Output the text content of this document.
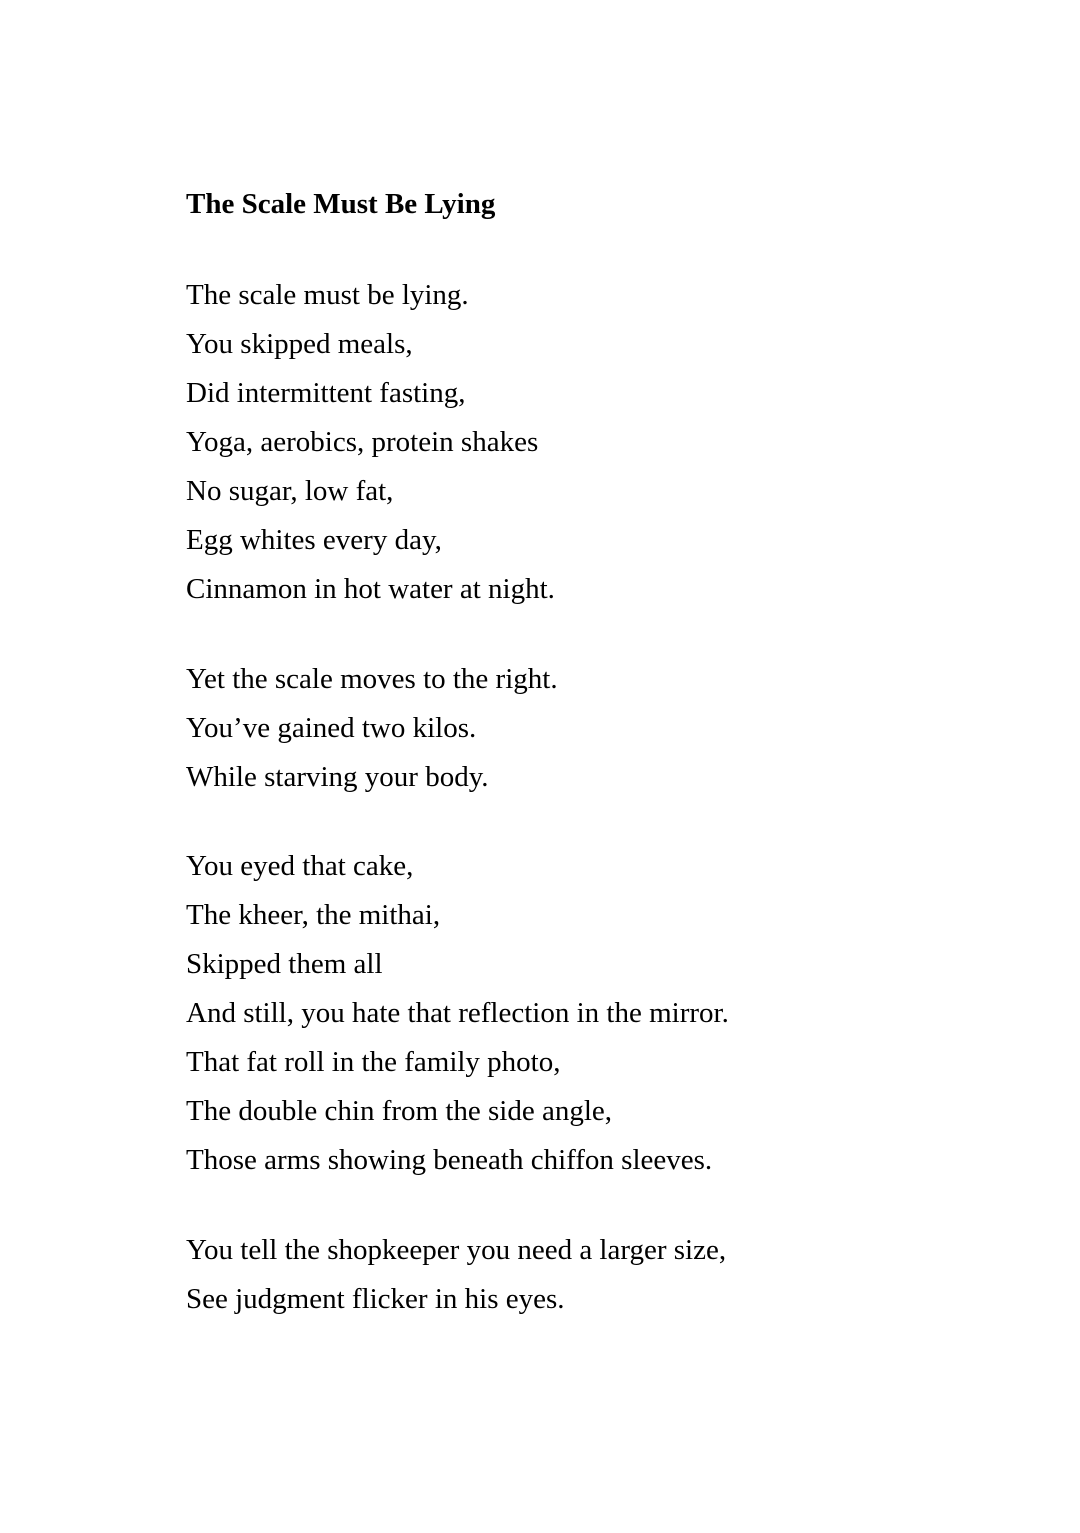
The Scale Must Be Lying

The scale must be lying.

You skipped meals,

Did intermittent fasting,

Yoga, aerobics, protein shakes

No sugar, low fat,

Egg whites every day,

Cinnamon in hot water at night.

Yet the scale moves to the right.

You’ve gained two kilos.

While starving your body.

You eyed that cake,

The kheer, the mithai,

Skipped them all

And still, you hate that reflection in the mirror.

That fat roll in the family photo,

The double chin from the side angle,

Those arms showing beneath chiffon sleeves.

You tell the shopkeeper you need a larger size,

See judgment flicker in his eyes.
